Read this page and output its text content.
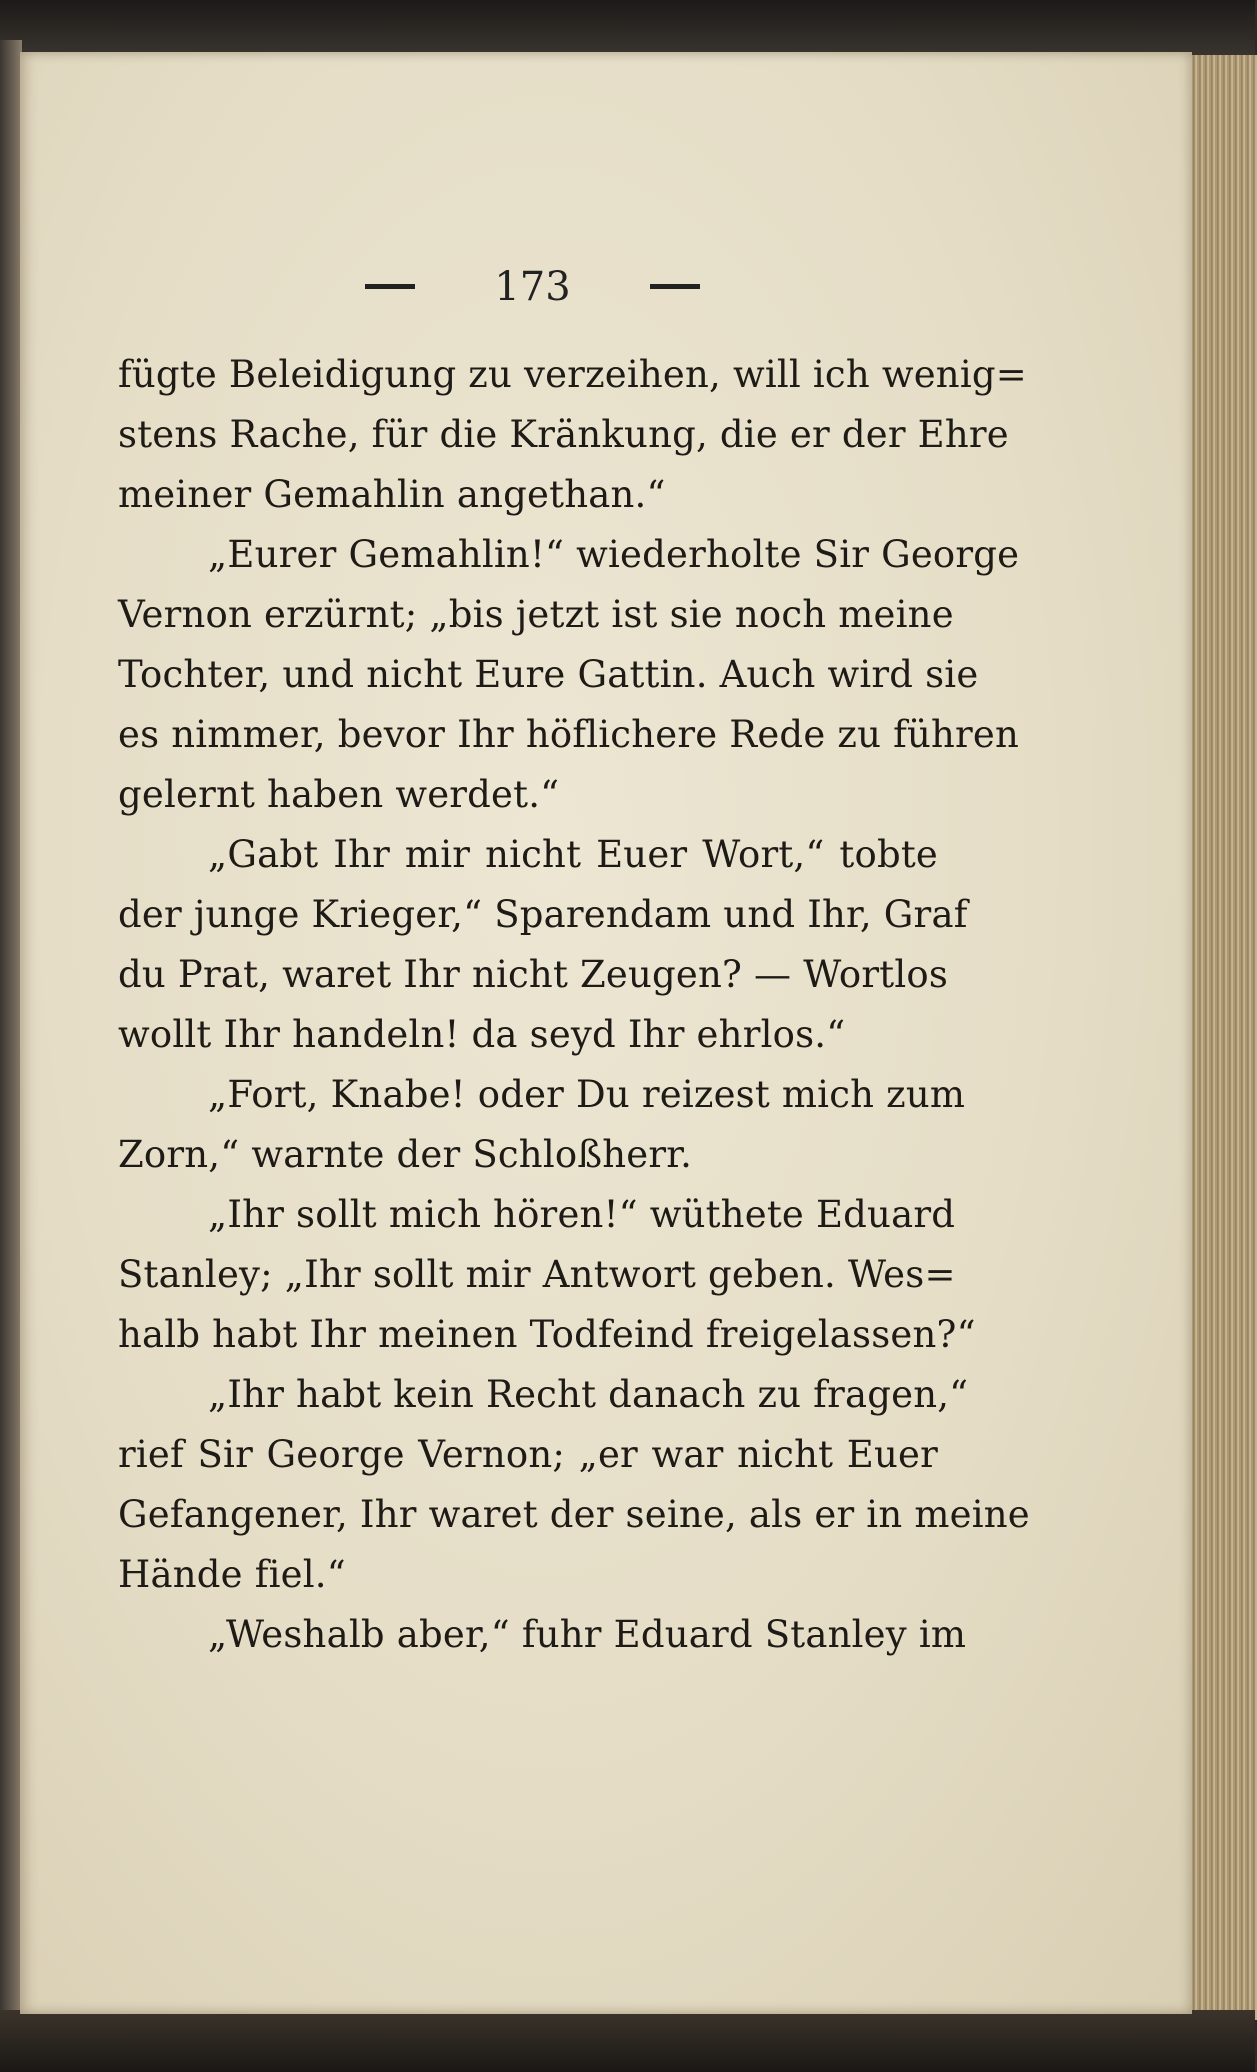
173
fügte Beleidigung zu verzeihen, will ich wenig=
stens Rache, für die Kränkung, die er der Ehre
meiner Gemahlin angethan.“
„Eurer Gemahlin!“ wiederholte Sir George
Vernon erzürnt; „bis jetzt ist sie noch meine
Tochter, und nicht Eure Gattin. Auch wird sie
es nimmer, bevor Ihr höflichere Rede zu führen
gelernt haben werdet.“
„Gabt Ihr mir nicht Euer Wort,“ tobte
der junge Krieger,“ Sparendam und Ihr, Graf
du Prat, waret Ihr nicht Zeugen? — Wortlos
wollt Ihr handeln! da seyd Ihr ehrlos.“
„Fort, Knabe! oder Du reizest mich zum
Zorn,“ warnte der Schloßherr.
„Ihr sollt mich hören!“ wüthete Eduard
Stanley; „Ihr sollt mir Antwort geben. Wes=
halb habt Ihr meinen Todfeind freigelassen?“
„Ihr habt kein Recht danach zu fragen,“
rief Sir George Vernon; „er war nicht Euer
Gefangener, Ihr waret der seine, als er in meine
Hände fiel.“
„Weshalb aber,“ fuhr Eduard Stanley im
